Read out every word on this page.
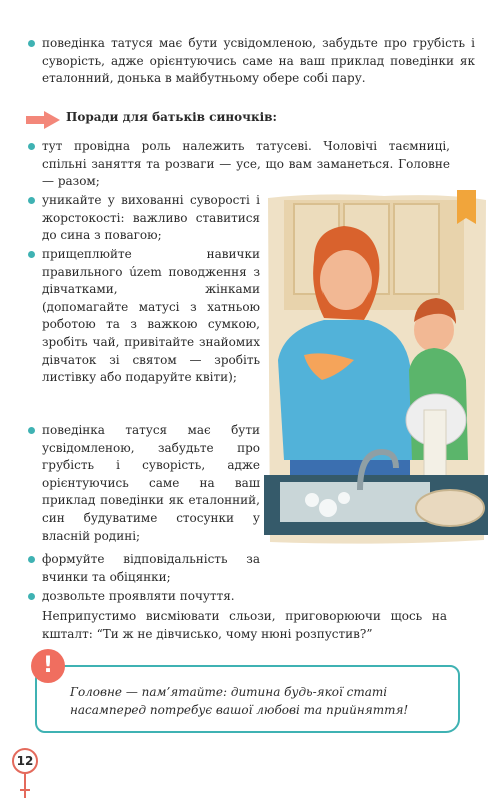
поведінка татуся має бути усвідомленою, забудьте про грубість і суворість, адже орієнтуючись саме на ваш приклад поведінки як еталонний, донька в майбутньому обере собі пару.
Поради для батьків синочків:
тут провідна роль належить татусеві. Чоловічі таємниці, спільні заняття та розваги — усе, що вам заманеться. Головне — разом;
уникайте у вихованні суворості і жорстокості: важливо ставитися до сина з повагою;
прищеплюйте навички правильного územ поводження з дівчатками, жінками (допомагайте матусі з хатньою роботою та з важкою сумкою, зробіть чай, привітайте знайомих дівчаток зі святом — зробіть листівку або подаруйте квіти);
поведінка татуся має бути усвідомленою, забудьте про грубість і суворість, адже орієнтуючись саме на ваш приклад поведінки як еталонний, син будуватиме стосунки у власній родині;
формуйте відповідальність за вчинки та обіцянки;
дозвольте проявляти почуття.
Неприпустимо висміювати сльози, приговорюючи щось на кшталт: “Ти ж не дівчисько, чому нюні розпустив?”
!
Головне — пам’ятайте: дитина будь-якої статі насамперед потребує вашої любові та прийняття!
12
